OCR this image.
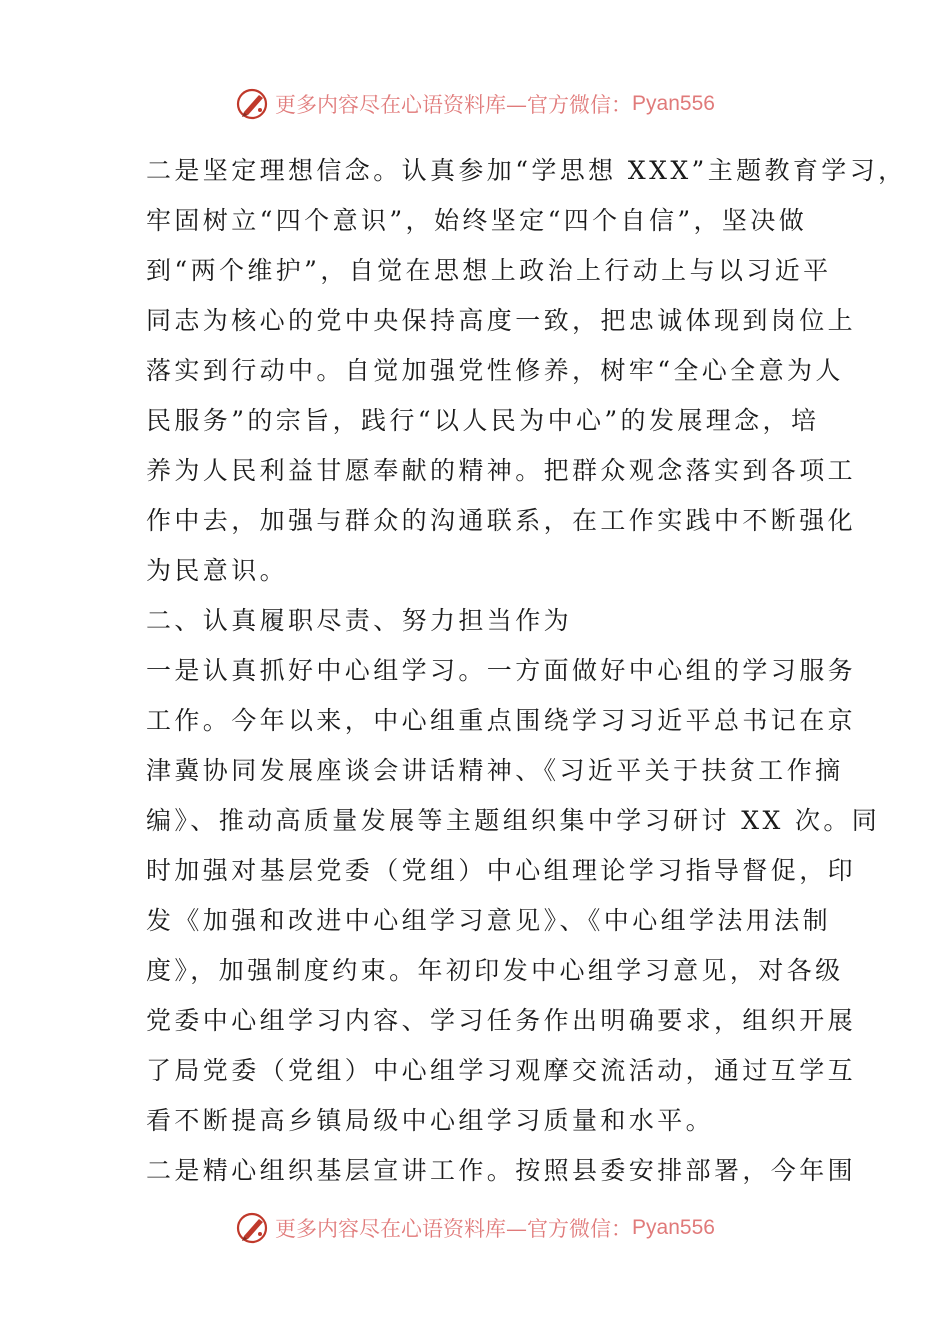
更多内容尽在心语资料库—官方微信： Pyan556
二是坚定理想信念。认真参加“学思想 XXX”主题教育学习，
牢固树立“四个意识”，始终坚定“四个自信”，坚决做
到“两个维护”，自觉在思想上政治上行动上与以习近平
同志为核心的党中央保持高度一致，把忠诚体现到岗位上
落实到行动中。自觉加强党性修养，树牢“全心全意为人
民服务”的宗旨，践行“以人民为中心”的发展理念，培
养为人民利益甘愿奉献的精神。把群众观念落实到各项工
作中去，加强与群众的沟通联系，在工作实践中不断强化
为民意识。
二、认真履职尽责、努力担当作为
一是认真抓好中心组学习。一方面做好中心组的学习服务
工作。今年以来，中心组重点围绕学习习近平总书记在京
津冀协同发展座谈会讲话精神、《习近平关于扶贫工作摘
编》、推动高质量发展等主题组织集中学习研讨 XX 次。同
时加强对基层党委（党组）中心组理论学习指导督促，印
发《加强和改进中心组学习意见》、《中心组学法用法制
度》，加强制度约束。年初印发中心组学习意见，对各级
党委中心组学习内容、学习任务作出明确要求，组织开展
了局党委（党组）中心组学习观摩交流活动，通过互学互
看不断提高乡镇局级中心组学习质量和水平。
二是精心组织基层宣讲工作。按照县委安排部署，今年围
更多内容尽在心语资料库—官方微信： Pyan556
